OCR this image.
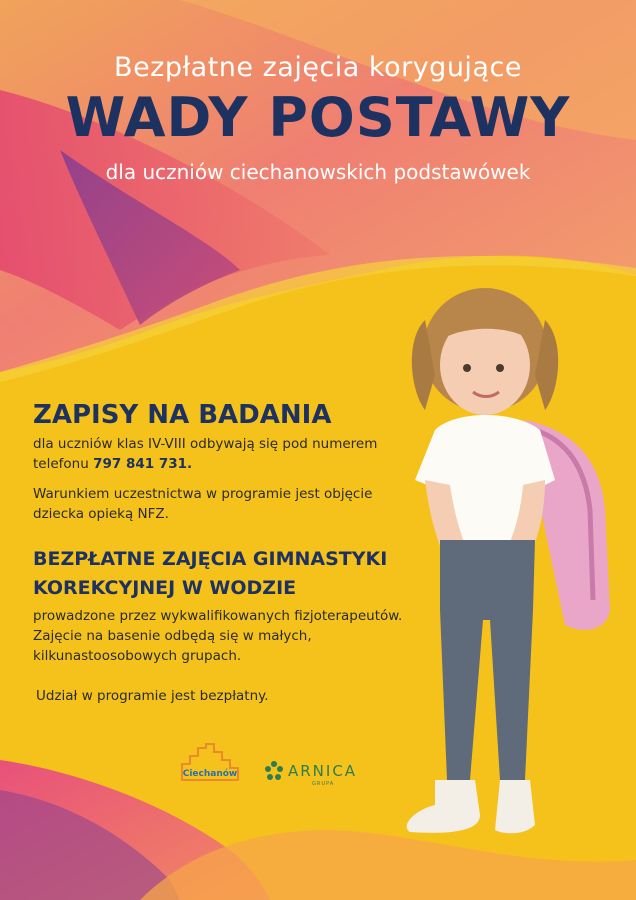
Bezpłatne zajęcia korygujące

WADY POSTAWY

dla uczniów ciechanowskich podstawówek

ZAPISY NA BADANIA

dla uczniów klas IV-VIII odbywają się pod numerem telefonu 797 841 731.

Warunkiem uczestnictwa w programie jest objęcie dziecka opieką NFZ.

BEZPŁATNE ZAJĘCIA GIMNASTYKI
KOREKCYJNEJ W WODZIE

prowadzone przez wykwalifikowanych fizjoterapeutów. Zajęcie na basenie odbędą się w małych, kilkunastoosobowych grupach.

Udział w programie jest bezpłatny.

Ciechanów	ARNICA

GRUPA
